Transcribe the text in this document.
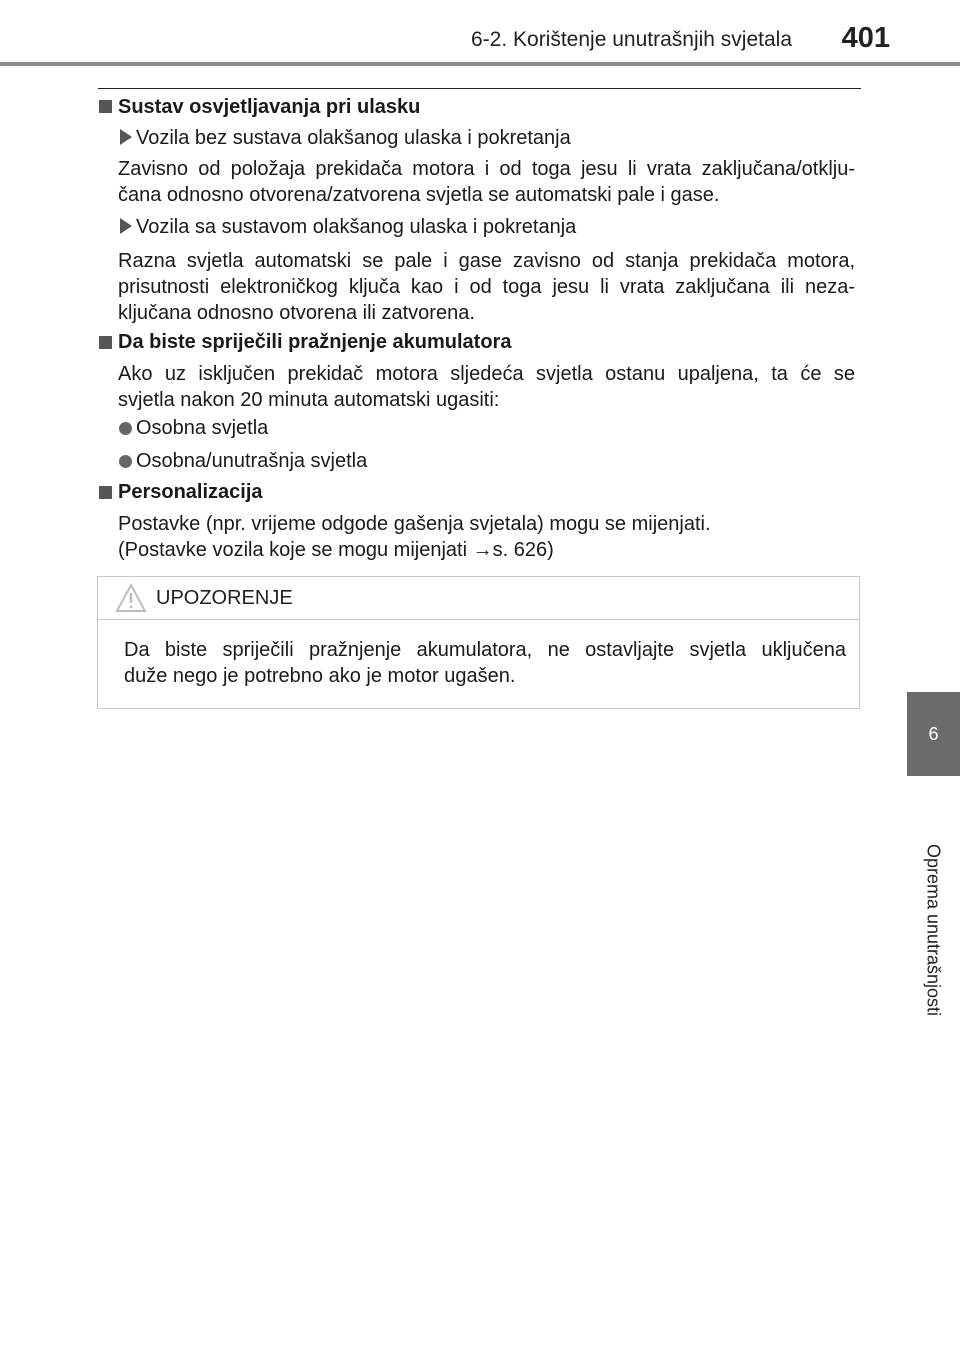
6-2. Korištenje unutrašnjih svjetala 401
6
Oprema unutrašnjosti
Sustav osvjetljavanja pri ulasku
Vozila bez sustava olakšanog ulaska i pokretanja
Zavisno od položaja prekidača motora i od toga jesu li vrata zaključana/otklju-
čana odnosno otvorena/zatvorena svjetla se automatski pale i gase.
Vozila sa sustavom olakšanog ulaska i pokretanja
Razna svjetla automatski se pale i gase zavisno od stanja prekidača motora,
prisutnosti elektroničkog ključa kao i od toga jesu li vrata zaključana ili neza-
ključana odnosno otvorena ili zatvorena.
Da biste spriječili pražnjenje akumulatora
Ako uz isključen prekidač motora sljedeća svjetla ostanu upaljena, ta će se
svjetla nakon 20 minuta automatski ugasiti:
Osobna svjetla
Osobna/unutrašnja svjetla
Personalizacija
Postavke (npr. vrijeme odgode gašenja svjetala) mogu se mijenjati.
(Postavke vozila koje se mogu mijenjati →s. 626)
UPOZORENJE
Da biste spriječili pražnjenje akumulatora, ne ostavljajte svjetla uključena
duže nego je potrebno ako je motor ugašen.
